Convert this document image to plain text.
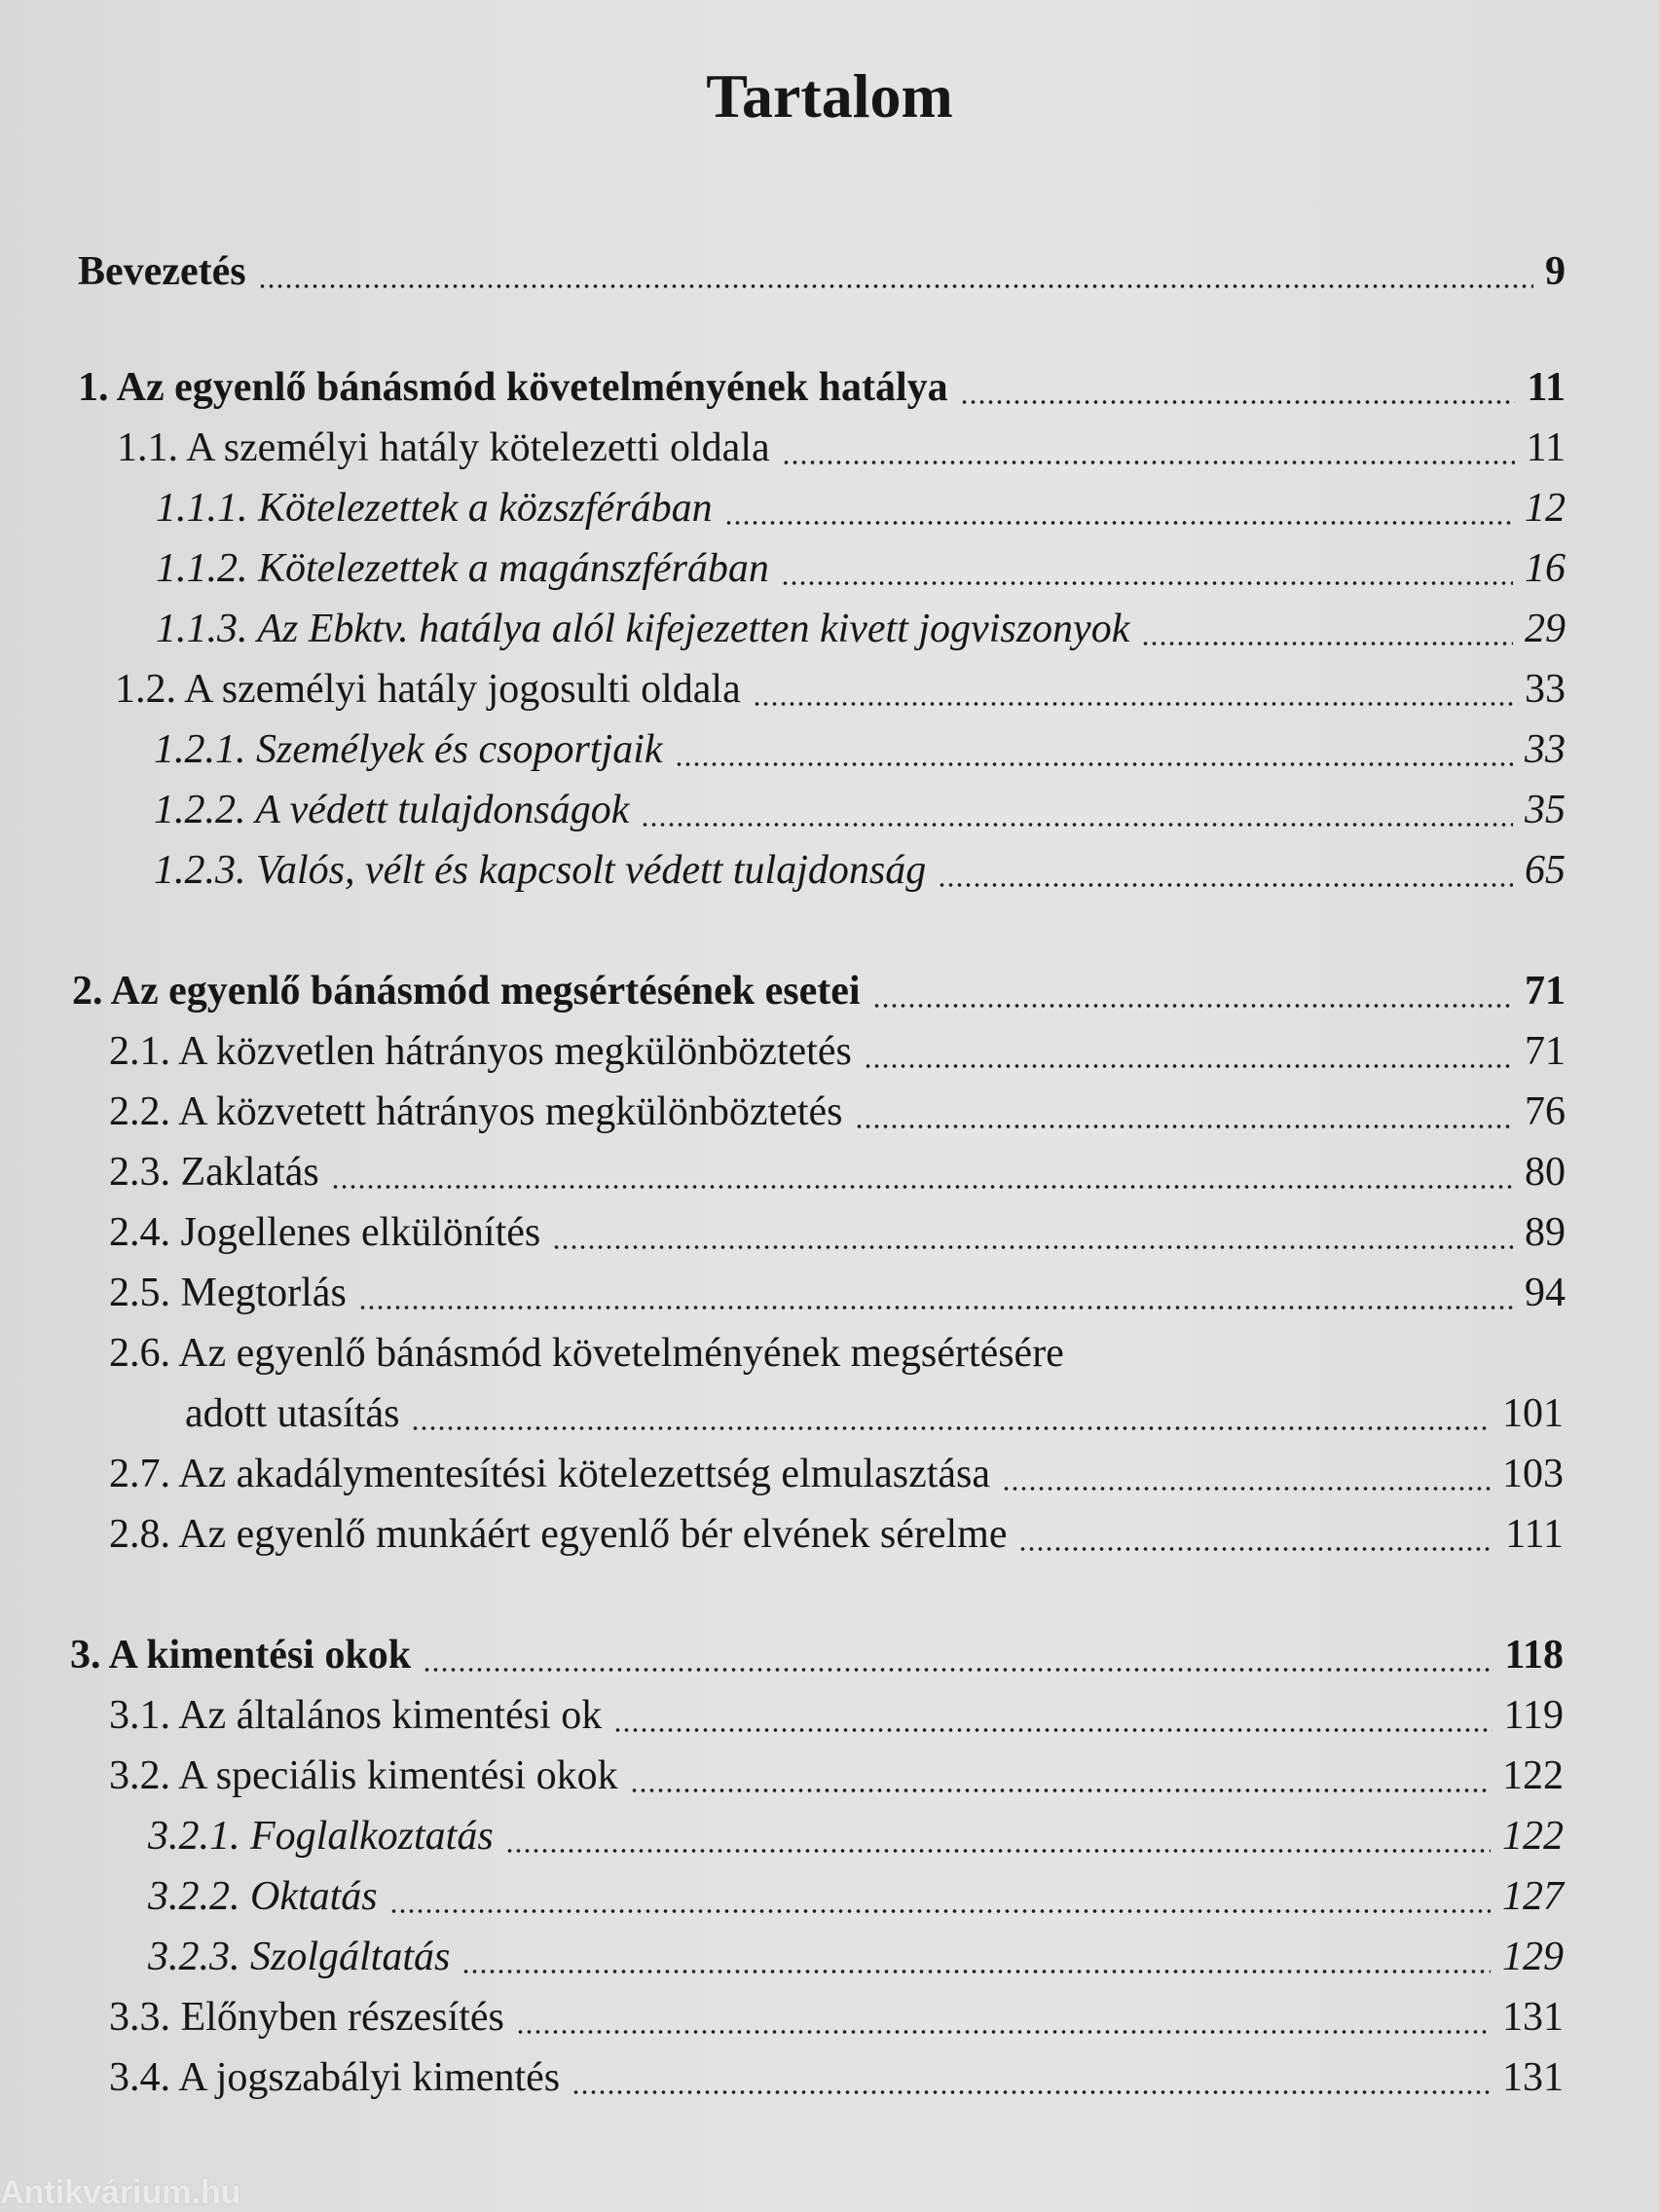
Tartalom
Bevezetés	9
1. Az egyenlő bánásmód követelményének hatálya	11
1.1. A személyi hatály kötelezetti oldala	11
1.1.1. Kötelezettek a közszférában	12
1.1.2. Kötelezettek a magánszférában	16
1.1.3. Az Ebktv. hatálya alól kifejezetten kivett jogviszonyok	29
1.2. A személyi hatály jogosulti oldala	33
1.2.1. Személyek és csoportjaik	33
1.2.2. A védett tulajdonságok	35
1.2.3. Valós, vélt és kapcsolt védett tulajdonság	65
2. Az egyenlő bánásmód megsértésének esetei	71
2.1. A közvetlen hátrányos megkülönböztetés	71
2.2. A közvetett hátrányos megkülönböztetés	76
2.3. Zaklatás	80
2.4. Jogellenes elkülönítés	89
2.5. Megtorlás	94
2.6. Az egyenlő bánásmód követelményének megsértésére
adott utasítás	101
2.7. Az akadálymentesítési kötelezettség elmulasztása	103
2.8. Az egyenlő munkáért egyenlő bér elvének sérelme	111
3. A kimentési okok	118
3.1. Az általános kimentési ok	119
3.2. A speciális kimentési okok	122
3.2.1. Foglalkoztatás	122
3.2.2. Oktatás	127
3.2.3. Szolgáltatás	129
3.3. Előnyben részesítés	131
3.4. A jogszabályi kimentés	131
Antikvárium.hu
